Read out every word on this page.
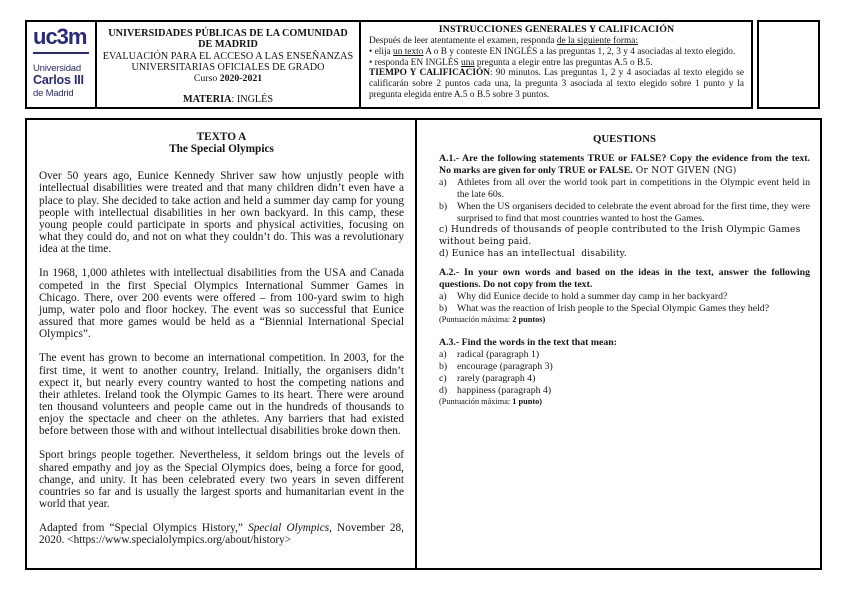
uc3m
Universidad
Carlos III
de Madrid
UNIVERSIDADES PÚBLICAS DE LA COMUNIDAD
DE MADRID
EVALUACIÓN PARA EL ACCESO A LAS ENSEÑANZAS
UNIVERSITARIAS OFICIALES DE GRADO
Curso 2020-2021
MATERIA: INGLÉS
INSTRUCCIONES GENERALES Y CALIFICACIÓN
Después de leer atentamente el examen, responda de la siguiente forma:
• elija un texto A o B y conteste EN INGLÉS a las preguntas 1, 2, 3 y 4 asociadas al texto elegido.
• responda EN INGLÉS una pregunta a elegir entre las preguntas A.5 o B.5.
TIEMPO Y CALIFICACIÓN: 90 minutos. Las preguntas 1, 2 y 4 asociadas al texto elegido se calificarán sobre 2 puntos cada una, la pregunta 3 asociada al texto elegido sobre 1 punto y la pregunta elegida entre A.5 o B.5 sobre 3 puntos.
TEXTO A
The Special Olympics

Over 50 years ago, Eunice Kennedy Shriver saw how unjustly people with intellectual disabilities were treated and that many children didn’t even have a place to play. She decided to take action and held a summer day camp for young people with intellectual disabilities in her own backyard. In this camp, these young people could participate in sports and physical activities, focusing on what they could do, and not on what they couldn’t do. This was a revolutionary idea at the time.

In 1968, 1,000 athletes with intellectual disabilities from the USA and Canada competed in the first Special Olympics International Summer Games in Chicago. There, over 200 events were offered – from 100-yard swim to high jump, water polo and floor hockey. The event was so successful that Eunice assured that more games would be held as a “Biennial International Special Olympics”.

The event has grown to become an international competition. In 2003, for the first time, it went to another country, Ireland. Initially, the organisers didn’t expect it, but nearly every country wanted to host the competing nations and their athletes. Ireland took the Olympic Games to its heart. There were around ten thousand volunteers and people came out in the hundreds of thousands to enjoy the spectacle and cheer on the athletes. Any barriers that had existed before between those with and without intellectual disabilities broke down then.

Sport brings people together. Nevertheless, it seldom brings out the levels of shared empathy and joy as the Special Olympics does, being a force for good, change, and unity. It has been celebrated every two years in seven different countries so far and is usually the largest sports and humanitarian event in the world that year.

Adapted from “Special Olympics History,” Special Olympics, November 28, 2020. <https://www.specialolympics.org/about/history>

QUESTIONS

A.1.- Are the following statements TRUE or FALSE? Copy the evidence from the text. No marks are given for only TRUE or FALSE. Or NOT GIVEN (NG)

a) Athletes from all over the world took part in competitions in the Olympic event held in the late 60s.

b) When the US organisers decided to celebrate the event abroad for the first time, they were surprised to find that most countries wanted to host the Games.

c) Hundreds of thousands of people contributed to the Irish Olympic Games without being paid.

d) Eunice has an intellectual  disability.

A.2.- In your own words and based on the ideas in the text, answer the following questions. Do not copy from the text.

a) Why did Eunice decide to hold a summer day camp in her backyard?

b) What was the reaction of Irish people to the Special Olympic Games they held?

(Puntuación máxima: 2 puntos)

A.3.- Find the words in the text that mean:

a) radical (paragraph 1)

b) encourage (paragraph 3)

c) rarely (paragraph 4)

d) happiness (paragraph 4)

(Puntuación máxima: 1 punto)
